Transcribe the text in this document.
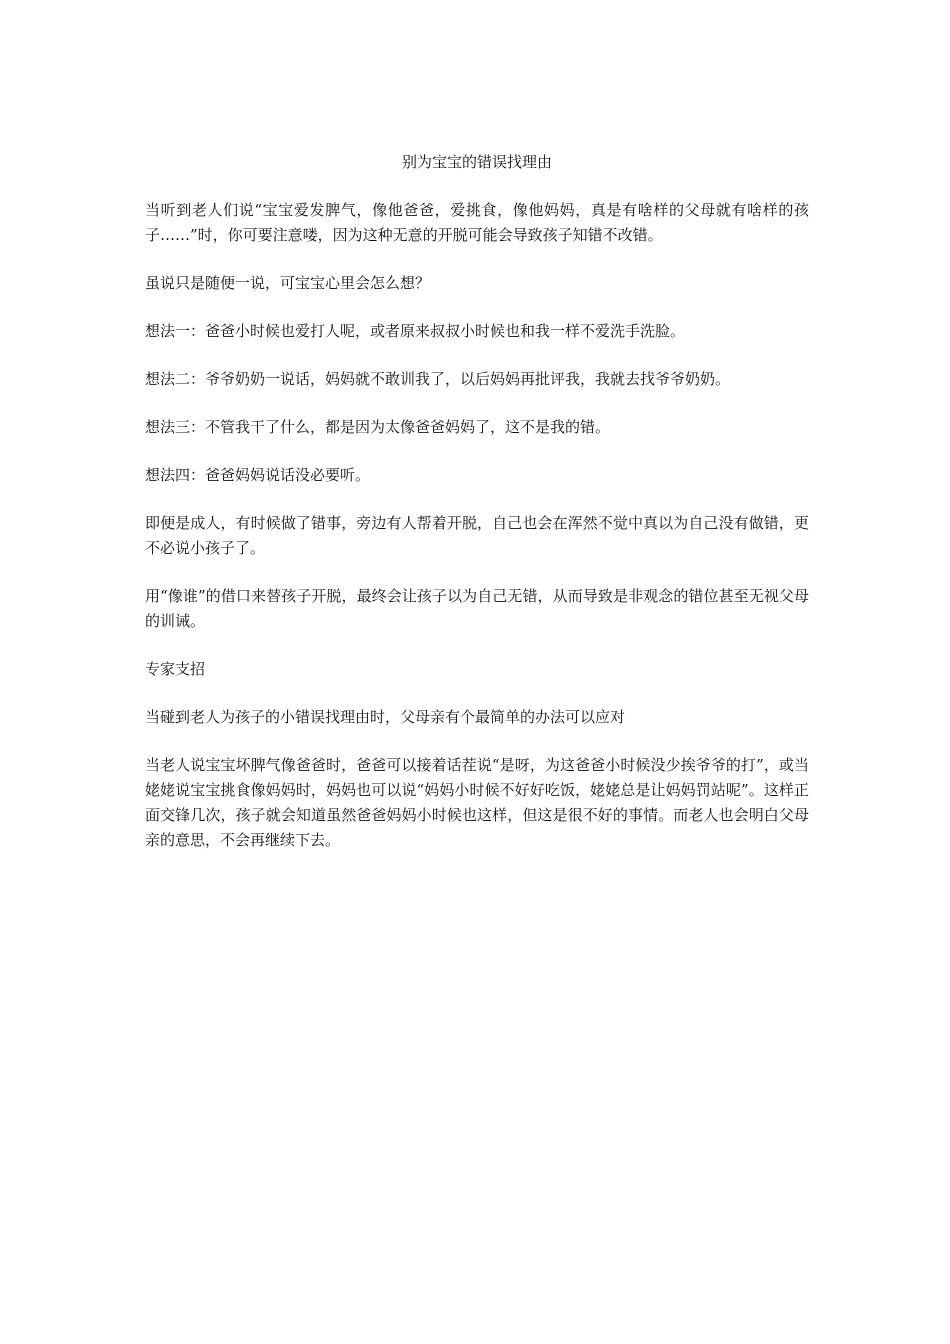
别为宝宝的错误找理由

当听到老人们说“宝宝爱发脾气，像他爸爸，爱挑食，像他妈妈，真是有啥样的父母就有啥样的孩子……”时，你可要注意喽，因为这种无意的开脱可能会导致孩子知错不改错。

虽说只是随便一说，可宝宝心里会怎么想？

想法一：爸爸小时候也爱打人呢，或者原来叔叔小时候也和我一样不爱洗手洗脸。

想法二：爷爷奶奶一说话，妈妈就不敢训我了，以后妈妈再批评我，我就去找爷爷奶奶。

想法三：不管我干了什么，都是因为太像爸爸妈妈了，这不是我的错。

想法四：爸爸妈妈说话没必要听。

即便是成人，有时候做了错事，旁边有人帮着开脱，自己也会在浑然不觉中真以为自己没有做错，更不必说小孩子了。

用“像谁”的借口来替孩子开脱，最终会让孩子以为自己无错，从而导致是非观念的错位甚至无视父母的训诫。

专家支招

当碰到老人为孩子的小错误找理由时，父母亲有个最简单的办法可以应对

当老人说宝宝坏脾气像爸爸时，爸爸可以接着话茬说“是呀，为这爸爸小时候没少挨爷爷的打”，或当姥姥说宝宝挑食像妈妈时，妈妈也可以说“妈妈小时候不好好吃饭，姥姥总是让妈妈罚站呢”。这样正面交锋几次，孩子就会知道虽然爸爸妈妈小时候也这样，但这是很不好的事情。而老人也会明白父母亲的意思，不会再继续下去。
